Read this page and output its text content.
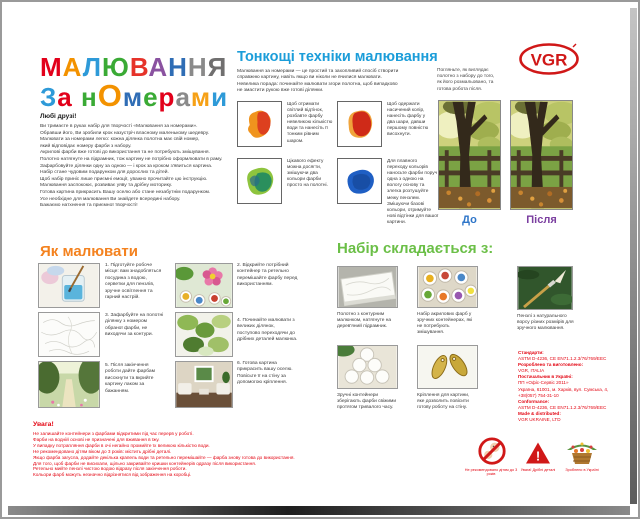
МАЛЮВАННЯ
За нОмерами
Любі друзі!
Ви тримаєте в руках набір для творчості «Малювання за номерами».
Обравши його, Ви зробили крок назустріч власному маленькому шедевру.
Малювати за номерами легко: кожна ділянка полотна має свій номер,
який відповідає номеру фарби з набору.
Акрилові фарби вже готові до використання та не потребують змішування.
Полотно натягнуте на підрамник, тож картину не потрібно оформлювати в раму.
Зафарбовуйте ділянки одну за одною — і крок за кроком з'явиться картина.
Набір стане чудовим подарунком для дорослих та дітей.
Щоб набір приніс лише приємні емоції, уважно прочитайте цю інструкцію.
Малювання заспокоює, розвиває уяву та дрібну моторику.
Готова картина прикрасить Вашу оселю або стане незабутнім подарунком.
Усе необхідне для малювання Ви знайдете всередині набору.
Бажаємо натхнення та приємної творчості!
Тонкощі техніки малювання
Малювання за номерами — це простий та захопливий спосіб створити
справжню картину, навіть якщо ви ніколи не вчилися малювати.
Невелика порада: починайте малювати згори полотна, щоб випадково
не змастити рукою вже готові ділянки.
Щоб отримати світлий відтінок, розбавте фарбу невеликою кількістю води та нанесіть її тонким рівним шаром.
Щоб одержати насичений колір, нанесіть фарбу у два шари, давши першому повністю висохнути.
Цікавого ефекту можна досягти, змішуючи два кольори фарби просто на полотні.
Для плавного переходу кольорів наносьте фарби поруч одна з одною на вологу основу та злегка розтушуйте межу пензлем. Змішуючи базові кольори, отримуйте нові відтінки для вашої картини.
VGR
Погляньте, як виглядає
полотно з набору до того,
як його розмальовано, та
готова робота після.
До	Після
Як малювати
1. Підготуйте робоче місце: вам знадобляться посудина з водою, серветки для пензлів, зручне освітлення та гарний настрій.
2. Відкрийте потрібний контейнер та ретельно перемішайте фарбу перед використанням.
3. Зафарбуйте на полотні ділянку з номером обраної фарби, не виходячи за контури.
4. Починайте малювати з великих ділянок, поступово переходячи до дрібних деталей малюнка.
5. Після закінчення роботи дайте фарбам висохнути та вкрийте картину лаком за бажанням.
6. Готова картина прикрасить вашу оселю. Повісьте її на стіну за допомогою кріплення.
Набір складається з:
Полотно з контурним малюнком, натягнуте на дерев'яний підрамник.
Набір акрилових фарб у зручних контейнерах, які не потребують змішування.
Пензлі з натурального ворсу різних розмірів для зручного малювання.
Зручні контейнери зберігають фарби свіжими протягом тривалого часу.
Кріплення для картини, яке дозволить повісити готову роботу на стіну.
Стандарти:
ASTM D-4236, CE EN71.1.2.3/76/769/EEC
Розроблено та виготовлено:
VGR, ITALIA
Постачальник в Україні:
ПП «Офіс-Сервіс 2011»
Україна, 61001, м. Харків, вул. Сумська, 4,
+38(057) 754-31-10
Conformance:
ASTM D-4236, CE EN71.1.2.3/76/769/EEC
Made & distributed:
VGR UKRAINE, LTD
Увага!
Не залишайте контейнери з фарбами відкритими під час перерв у роботі.
Фарби на водній основі не призначені для вживання в їжу.
У випадку потрапляння фарби в очі негайно промийте їх великою кількістю води.
Не рекомендовано дітям віком до 3 років: містить дрібні деталі.
Якщо фарба загусла, додайте декілька крапель води та ретельно перемішайте — фарба знову готова до використання.
Для того, щоб фарби не висихали, щільно закривайте кришки контейнерів одразу після використання.
Ретельно мийте пензлі чистою водою відразу після закінчення роботи.
Кольори фарб можуть незначно відрізнятися від зображення на коробці.
Не рекомендовано дітям до 3 років
!
Увага! Дрібні деталі	Зроблено в Україні
